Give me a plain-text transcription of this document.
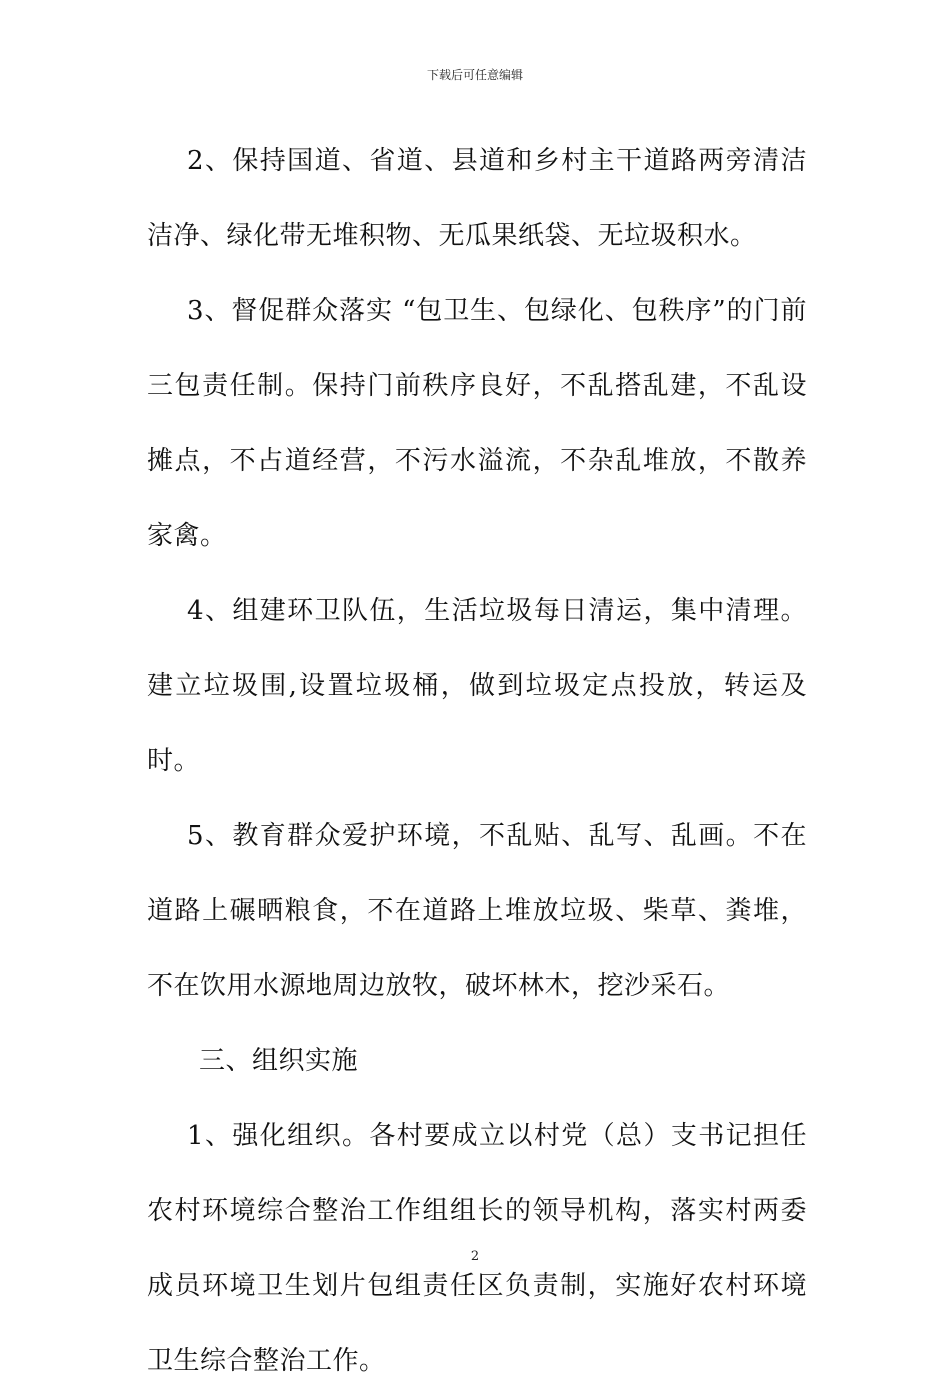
下载后可任意编辑

2、保持国道、省道、县道和乡村主干道路两旁清洁洁净、绿化带无堆积物、无瓜果纸袋、无垃圾积水。

3、督促群众落实 “包卫生、包绿化、包秩序”的门前三包责任制。保持门前秩序良好，不乱搭乱建，不乱设摊点，不占道经营，不污水溢流，不杂乱堆放，不散养家禽。

4、组建环卫队伍，生活垃圾每日清运，集中清理。建立垃圾围,设置垃圾桶，做到垃圾定点投放，转运及时。

5、教育群众爱护环境，不乱贴、乱写、乱画。不在道路上碾晒粮食，不在道路上堆放垃圾、柴草、粪堆，不在饮用水源地周边放牧，破坏林木，挖沙采石。

三、组织实施

1、强化组织。各村要成立以村党（总）支书记担任农村环境综合整治工作组组长的领导机构，落实村两委成员环境卫生划片包组责任区负责制，实施好农村环境卫生综合整治工作。

2
